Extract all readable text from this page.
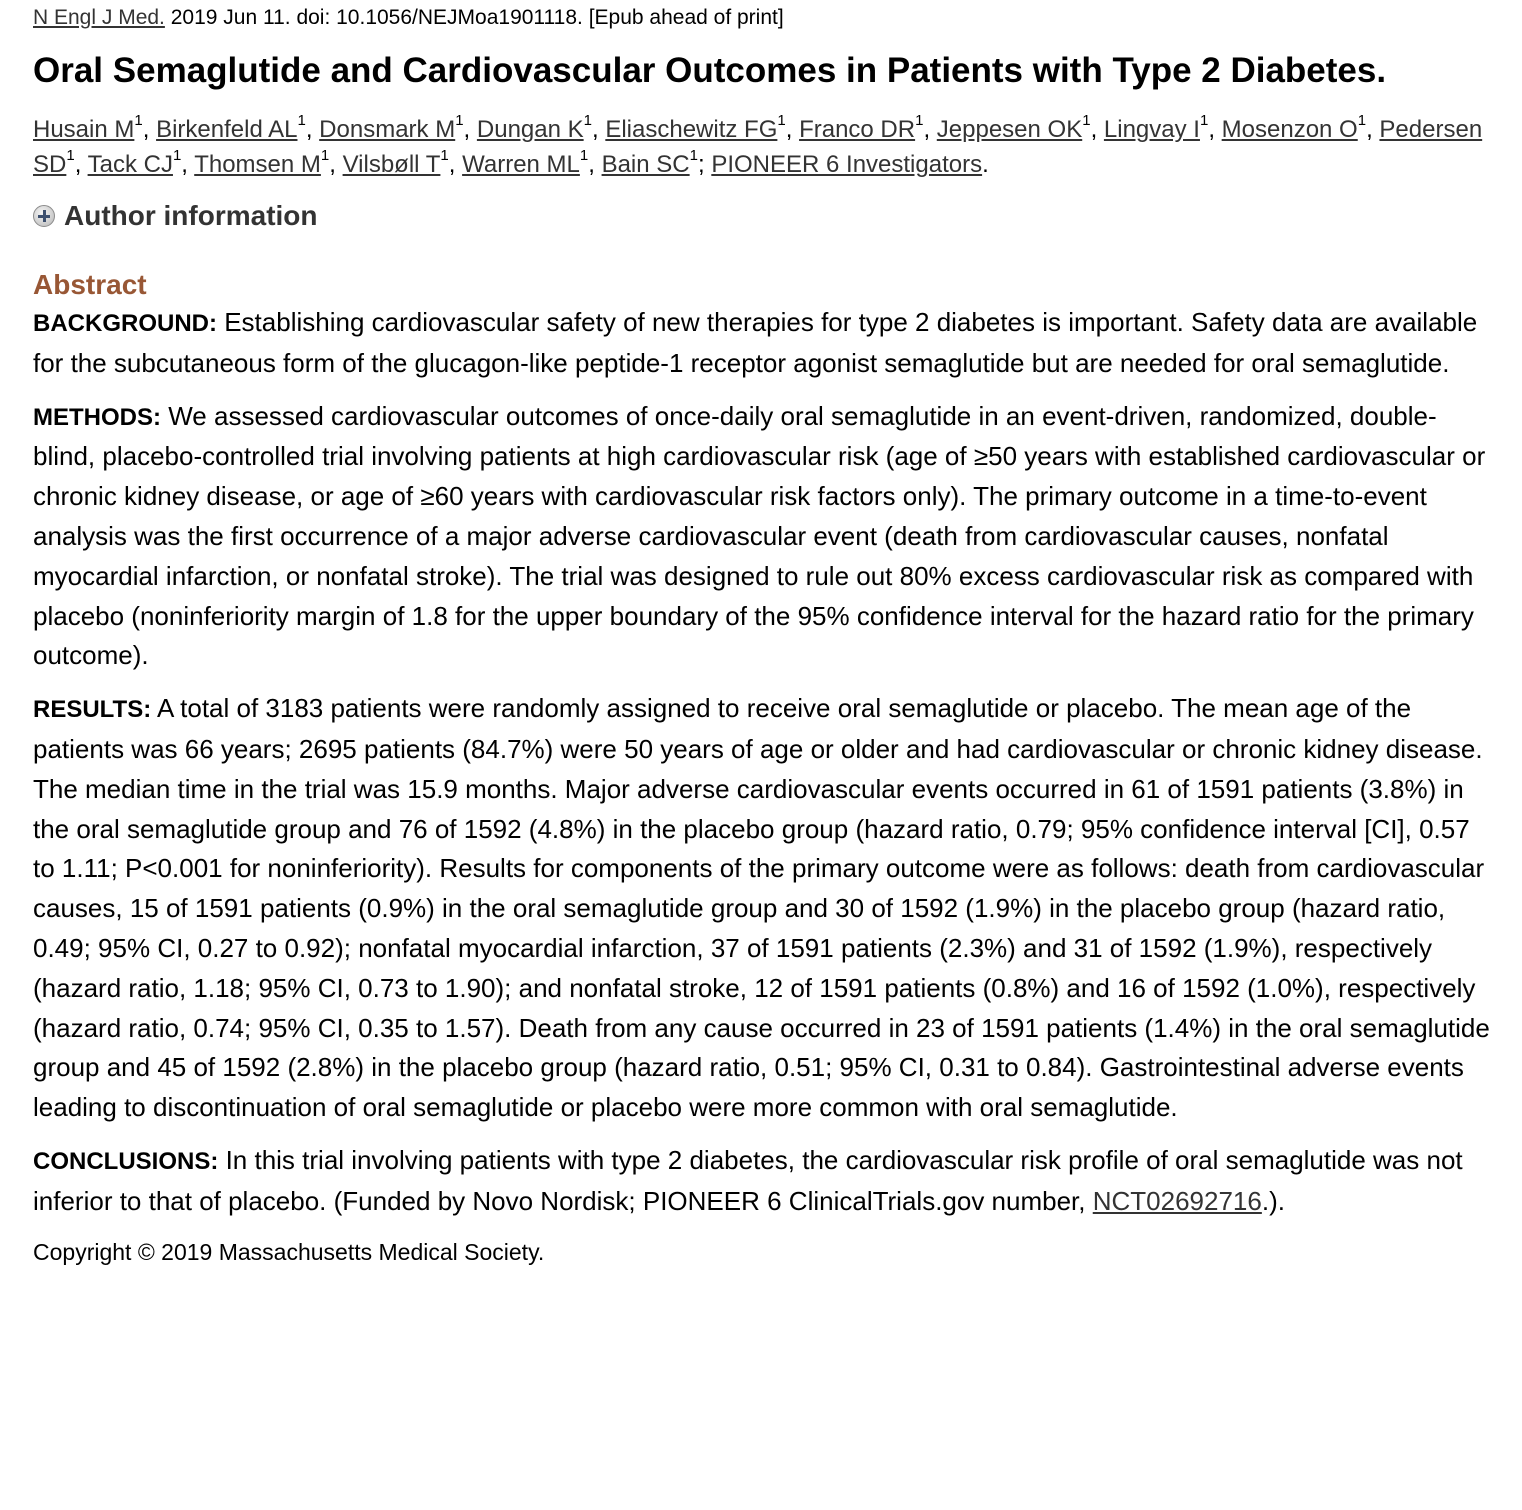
N Engl J Med. 2019 Jun 11. doi: 10.1056/NEJMoa1901118. [Epub ahead of print]

Oral Semaglutide and Cardiovascular Outcomes in Patients with Type 2 Diabetes.

Husain $M^1$, Birkenfeld $AL^1$, Donsmark $M^1$, Dungan $K^1$, Eliaschewitz $FG^1$, Franco $DR^1$, Jeppesen $OK^1$, Lingvay $I^1$, Mosenzon $O^1$, Pedersen $SD^1$, Tack $CJ^1$, Thomsen $M^1$, Vilsbøll $T^1$, Warren $ML^1$, Bain $SC^1$; PIONEER 6 Investigators.

Author information
Abstract

BACKGROUND: Establishing cardiovascular safety of new therapies for type 2 diabetes is important. Safety data are available for the subcutaneous form of the glucagon-like peptide-1 receptor agonist semaglutide but are needed for oral semaglutide.

METHODS: We assessed cardiovascular outcomes of once-daily oral semaglutide in an event-driven, randomized, double-blind, placebo-controlled trial involving patients at high cardiovascular risk (age of ≥50 years with established cardiovascular or chronic kidney disease, or age of ≥60 years with cardiovascular risk factors only). The primary outcome in a time-to-event analysis was the first occurrence of a major adverse cardiovascular event (death from cardiovascular causes, nonfatal myocardial infarction, or nonfatal stroke). The trial was designed to rule out 80% excess cardiovascular risk as compared with placebo (noninferiority margin of 1.8 for the upper boundary of the 95% confidence interval for the hazard ratio for the primary outcome).

RESULTS: A total of 3183 patients were randomly assigned to receive oral semaglutide or placebo. The mean age of the patients was 66 years; 2695 patients (84.7%) were 50 years of age or older and had cardiovascular or chronic kidney disease. The median time in the trial was 15.9 months. Major adverse cardiovascular events occurred in 61 of 1591 patients (3.8%) in the oral semaglutide group and 76 of 1592 (4.8%) in the placebo group (hazard ratio, 0.79; 95% confidence interval [CI], 0.57 to 1.11; P<0.001 for noninferiority). Results for components of the primary outcome were as follows: death from cardiovascular causes, 15 of 1591 patients (0.9%) in the oral semaglutide group and 30 of 1592 (1.9%) in the placebo group (hazard ratio, 0.49; 95% CI, 0.27 to 0.92); nonfatal myocardial infarction, 37 of 1591 patients (2.3%) and 31 of 1592 (1.9%), respectively (hazard ratio, 1.18; 95% CI, 0.73 to 1.90); and nonfatal stroke, 12 of 1591 patients (0.8%) and 16 of 1592 (1.0%), respectively (hazard ratio, 0.74; 95% CI, 0.35 to 1.57). Death from any cause occurred in 23 of 1591 patients (1.4%) in the oral semaglutide group and 45 of 1592 (2.8%) in the placebo group (hazard ratio, 0.51; 95% CI, 0.31 to 0.84). Gastrointestinal adverse events leading to discontinuation of oral semaglutide or placebo were more common with oral semaglutide.

CONCLUSIONS: In this trial involving patients with type 2 diabetes, the cardiovascular risk profile of oral semaglutide was not inferior to that of placebo. (Funded by Novo Nordisk; PIONEER 6 ClinicalTrials.gov number, NCT02692716.).

Copyright © 2019 Massachusetts Medical Society.
